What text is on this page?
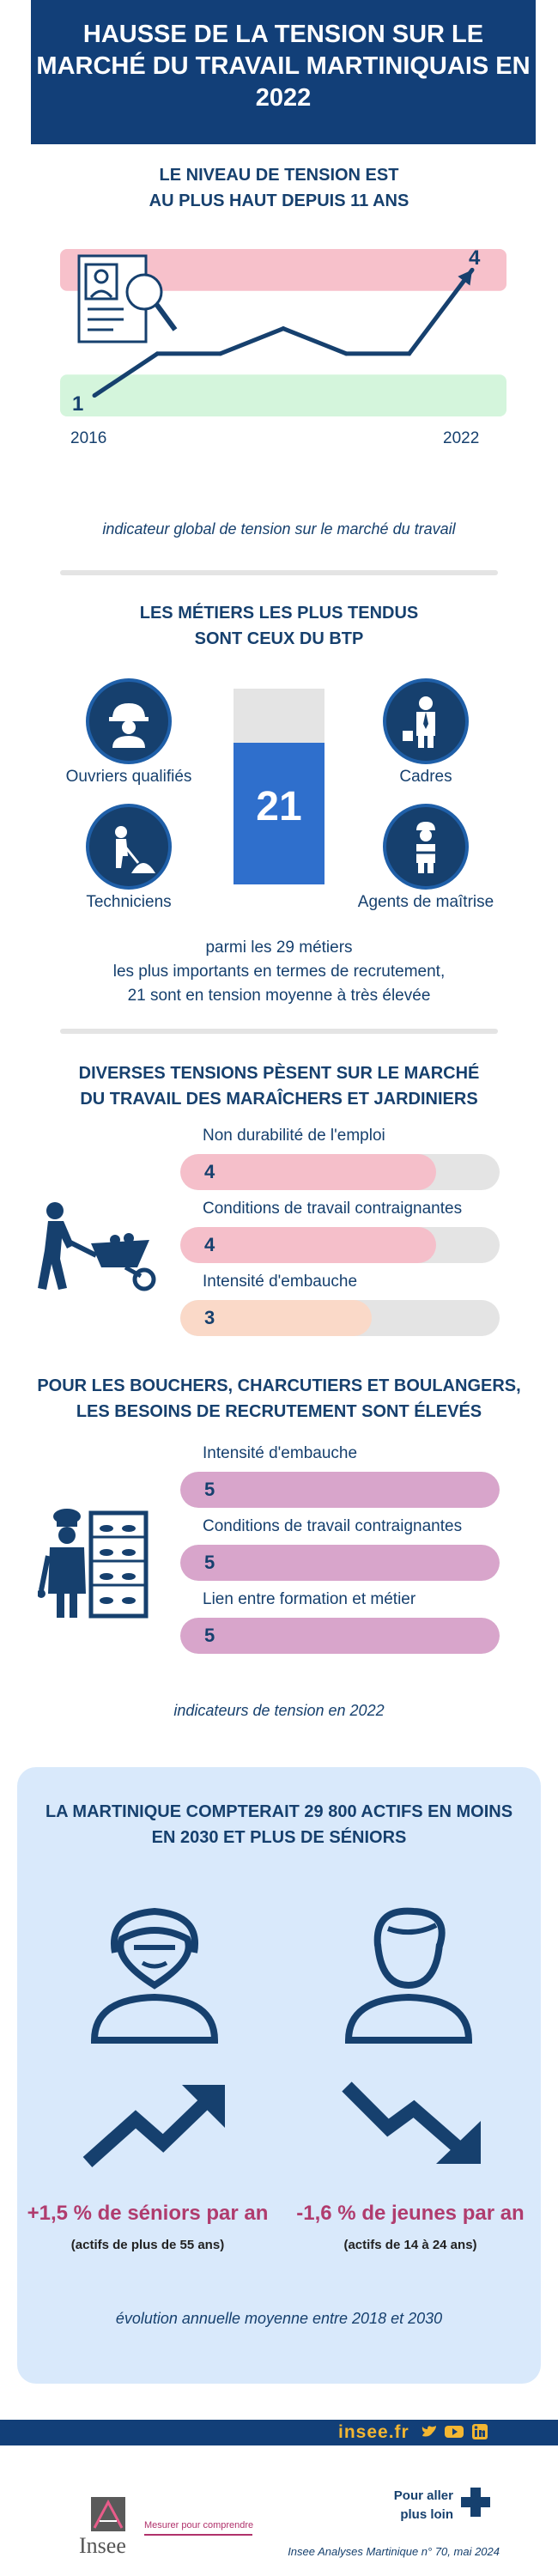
HAUSSE DE LA TENSION SUR LE MARCHÉ DU TRAVAIL MARTINIQUAIS EN 2022
LE NIVEAU DE TENSION EST
AU PLUS HAUT DEPUIS 11 ANS
1
4
2016	2022
indicateur global de tension sur le marché du travail
LES MÉTIERS LES PLUS TENDUS
SONT CEUX DU BTP
Ouvriers qualifiés	Cadres
Techniciens	Agents de maîtrise
21
parmi les 29 métiers
les plus importants en termes de recrutement,
21 sont en tension moyenne à très élevée
DIVERSES TENSIONS PÈSENT SUR LE MARCHÉ
DU TRAVAIL DES MARAÎCHERS ET JARDINIERS
Non durabilité de l'emploi
4
Conditions de travail contraignantes
4
Intensité d'embauche
3
POUR LES BOUCHERS, CHARCUTIERS ET BOULANGERS,
LES BESOINS DE RECRUTEMENT SONT ÉLEVÉS
Intensité d'embauche
5
Conditions de travail contraignantes
5
Lien entre formation et métier
5
indicateurs de tension en 2022
LA MARTINIQUE COMPTERAIT 29 800 ACTIFS EN MOINS
EN 2030 ET PLUS DE SÉNIORS
+1,5 % de séniors par an
(actifs de plus de 55 ans)
-1,6 % de jeunes par an
(actifs de 14 à 24 ans)
évolution annuelle moyenne entre 2018 et 2030
insee.fr
Pour aller
plus loin
Insee
Mesurer pour comprendre
Insee Analyses Martinique n° 70, mai 2024
